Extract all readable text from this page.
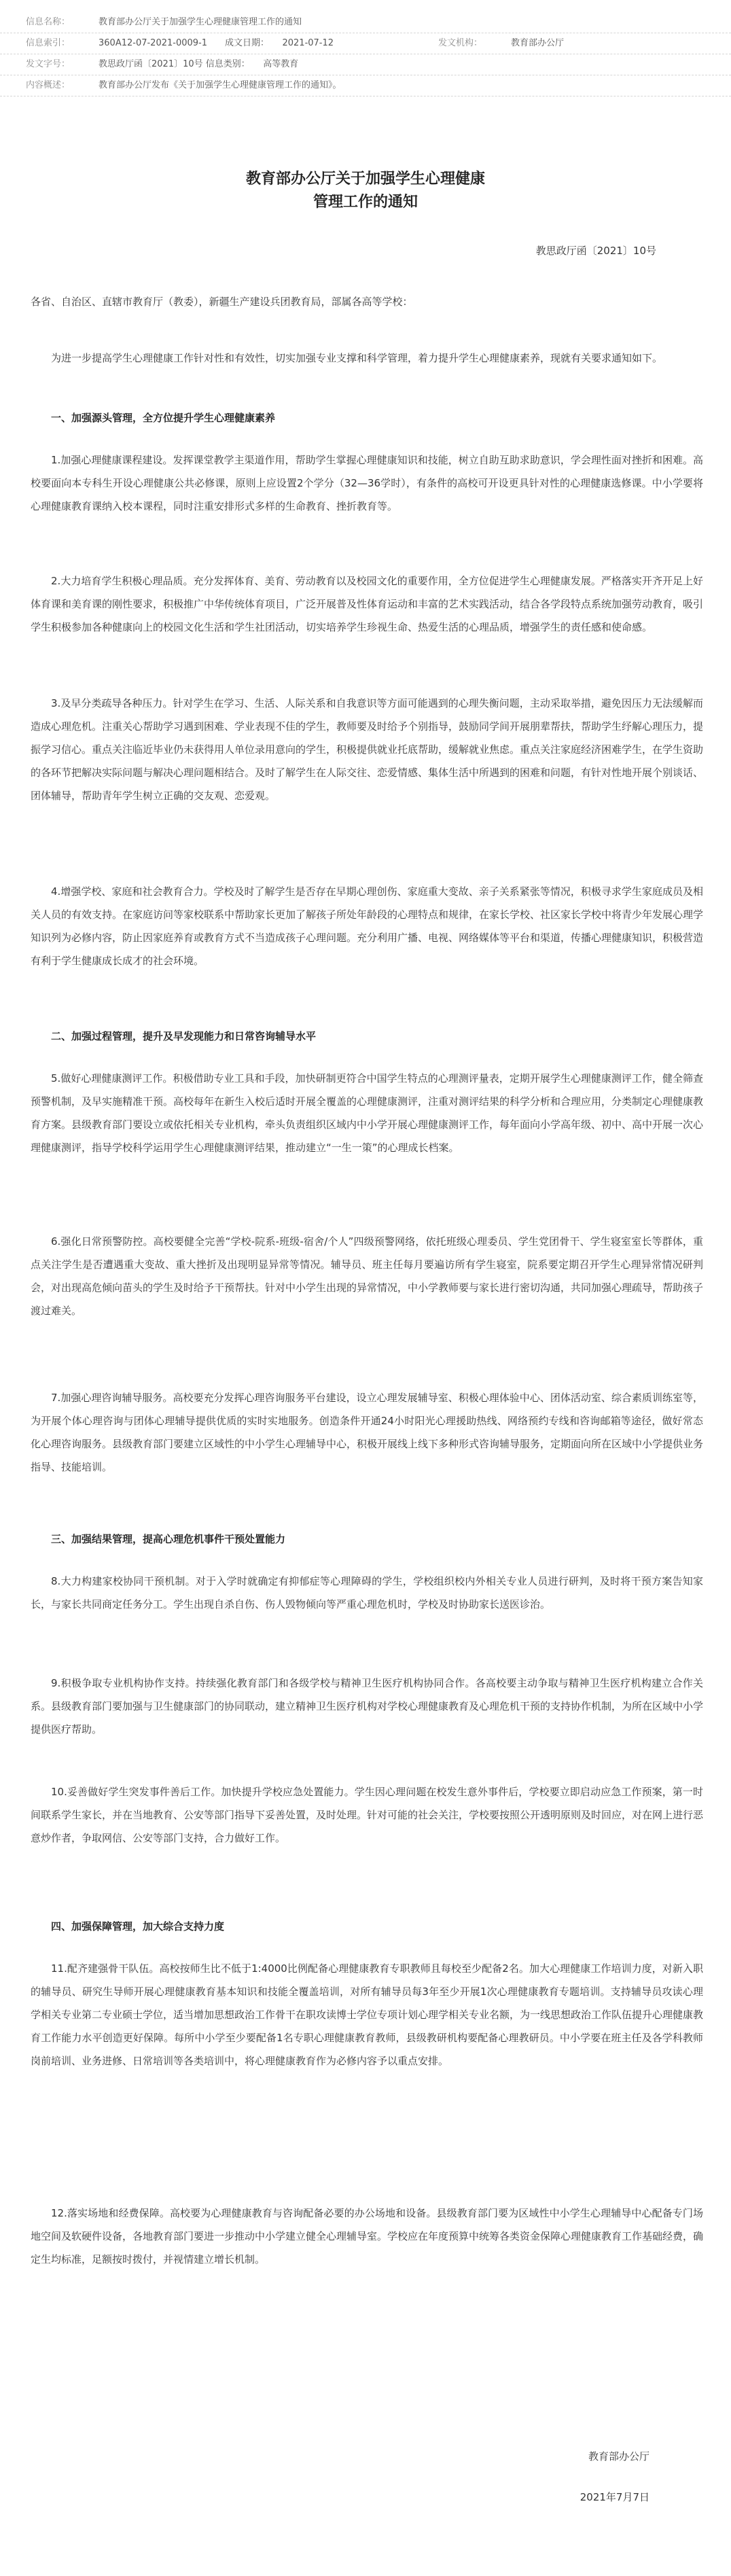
信息名称：	教育部办公厅关于加强学生心理健康管理工作的通知
信息索引：	360A12-07-2021-0009-1　　成文日期：　　2021-07-12	发文机构：	教育部办公厅
发文字号：	教思政厅函〔2021〕10号 信息类别：　　高等教育
内容概述：	教育部办公厅发布《关于加强学生心理健康管理工作的通知》。
教育部办公厅关于加强学生心理健康
管理工作的通知
教思政厅函〔2021〕10号
各省、自治区、直辖市教育厅（教委），新疆生产建设兵团教育局，部属各高等学校：
为进一步提高学生心理健康工作针对性和有效性，切实加强专业支撑和科学管理，着力提升学生心理健康素养，现就有关要求通知如下。
一、加强源头管理，全方位提升学生心理健康素养
1.加强心理健康课程建设。发挥课堂教学主渠道作用，帮助学生掌握心理健康知识和技能，树立自助互助求助意识，学会理性面对挫折和困难。高校要面向本专科生开设心理健康公共必修课，原则上应设置2个学分（32—36学时），有条件的高校可开设更具针对性的心理健康选修课。中小学要将心理健康教育课纳入校本课程，同时注重安排形式多样的生命教育、挫折教育等。
2.大力培育学生积极心理品质。充分发挥体育、美育、劳动教育以及校园文化的重要作用，全方位促进学生心理健康发展。严格落实开齐开足上好体育课和美育课的刚性要求，积极推广中华传统体育项目，广泛开展普及性体育运动和丰富的艺术实践活动，结合各学段特点系统加强劳动教育，吸引学生积极参加各种健康向上的校园文化生活和学生社团活动，切实培养学生珍视生命、热爱生活的心理品质，增强学生的责任感和使命感。
3.及早分类疏导各种压力。针对学生在学习、生活、人际关系和自我意识等方面可能遇到的心理失衡问题，主动采取举措，避免因压力无法缓解而造成心理危机。注重关心帮助学习遇到困难、学业表现不佳的学生，教师要及时给予个别指导，鼓励同学间开展朋辈帮扶，帮助学生纾解心理压力，提振学习信心。重点关注临近毕业仍未获得用人单位录用意向的学生，积极提供就业托底帮助，缓解就业焦虑。重点关注家庭经济困难学生，在学生资助的各环节把解决实际问题与解决心理问题相结合。及时了解学生在人际交往、恋爱情感、集体生活中所遇到的困难和问题，有针对性地开展个别谈话、团体辅导，帮助青年学生树立正确的交友观、恋爱观。
4.增强学校、家庭和社会教育合力。学校及时了解学生是否存在早期心理创伤、家庭重大变故、亲子关系紧张等情况，积极寻求学生家庭成员及相关人员的有效支持。在家庭访问等家校联系中帮助家长更加了解孩子所处年龄段的心理特点和规律，在家长学校、社区家长学校中将青少年发展心理学知识列为必修内容，防止因家庭养育或教育方式不当造成孩子心理问题。充分利用广播、电视、网络媒体等平台和渠道，传播心理健康知识，积极营造有利于学生健康成长成才的社会环境。
二、加强过程管理，提升及早发现能力和日常咨询辅导水平
5.做好心理健康测评工作。积极借助专业工具和手段，加快研制更符合中国学生特点的心理测评量表，定期开展学生心理健康测评工作，健全筛查预警机制，及早实施精准干预。高校每年在新生入校后适时开展全覆盖的心理健康测评，注重对测评结果的科学分析和合理应用，分类制定心理健康教育方案。县级教育部门要设立或依托相关专业机构，牵头负责组织区域内中小学开展心理健康测评工作，每年面向小学高年级、初中、高中开展一次心理健康测评，指导学校科学运用学生心理健康测评结果，推动建立“一生一策”的心理成长档案。
6.强化日常预警防控。高校要健全完善“学校-院系-班级-宿舍/个人”四级预警网络，依托班级心理委员、学生党团骨干、学生寝室室长等群体，重点关注学生是否遭遇重大变故、重大挫折及出现明显异常等情况。辅导员、班主任每月要遍访所有学生寝室，院系要定期召开学生心理异常情况研判会，对出现高危倾向苗头的学生及时给予干预帮扶。针对中小学生出现的异常情况，中小学教师要与家长进行密切沟通，共同加强心理疏导，帮助孩子渡过难关。
7.加强心理咨询辅导服务。高校要充分发挥心理咨询服务平台建设，设立心理发展辅导室、积极心理体验中心、团体活动室、综合素质训练室等，为开展个体心理咨询与团体心理辅导提供优质的实时实地服务。创造条件开通24小时阳光心理援助热线、网络预约专线和咨询邮箱等途径，做好常态化心理咨询服务。县级教育部门要建立区域性的中小学生心理辅导中心，积极开展线上线下多种形式咨询辅导服务，定期面向所在区域中小学提供业务指导、技能培训。
三、加强结果管理，提高心理危机事件干预处置能力
8.大力构建家校协同干预机制。对于入学时就确定有抑郁症等心理障碍的学生，学校组织校内外相关专业人员进行研判，及时将干预方案告知家长，与家长共同商定任务分工。学生出现自杀自伤、伤人毁物倾向等严重心理危机时，学校及时协助家长送医诊治。
9.积极争取专业机构协作支持。持续强化教育部门和各级学校与精神卫生医疗机构协同合作。各高校要主动争取与精神卫生医疗机构建立合作关系。县级教育部门要加强与卫生健康部门的协同联动，建立精神卫生医疗机构对学校心理健康教育及心理危机干预的支持协作机制，为所在区域中小学提供医疗帮助。
10.妥善做好学生突发事件善后工作。加快提升学校应急处置能力。学生因心理问题在校发生意外事件后，学校要立即启动应急工作预案，第一时间联系学生家长，并在当地教育、公安等部门指导下妥善处置，及时处理。针对可能的社会关注，学校要按照公开透明原则及时回应，对在网上进行恶意炒作者，争取网信、公安等部门支持，合力做好工作。
四、加强保障管理，加大综合支持力度
11.配齐建强骨干队伍。高校按师生比不低于1:4000比例配备心理健康教育专职教师且每校至少配备2名。加大心理健康工作培训力度，对新入职的辅导员、研究生导师开展心理健康教育基本知识和技能全覆盖培训，对所有辅导员每3年至少开展1次心理健康教育专题培训。支持辅导员攻读心理学相关专业第二专业硕士学位，适当增加思想政治工作骨干在职攻读博士学位专项计划心理学相关专业名额，为一线思想政治工作队伍提升心理健康教育工作能力水平创造更好保障。每所中小学至少要配备1名专职心理健康教育教师，县级教研机构要配备心理教研员。中小学要在班主任及各学科教师岗前培训、业务进修、日常培训等各类培训中，将心理健康教育作为必修内容予以重点安排。
12.落实场地和经费保障。高校要为心理健康教育与咨询配备必要的办公场地和设备。县级教育部门要为区域性中小学生心理辅导中心配备专门场地空间及软硬件设备，各地教育部门要进一步推动中小学建立健全心理辅导室。学校应在年度预算中统筹各类资金保障心理健康教育工作基础经费，确定生均标准，足额按时拨付，并视情建立增长机制。
教育部办公厅
2021年7月7日
